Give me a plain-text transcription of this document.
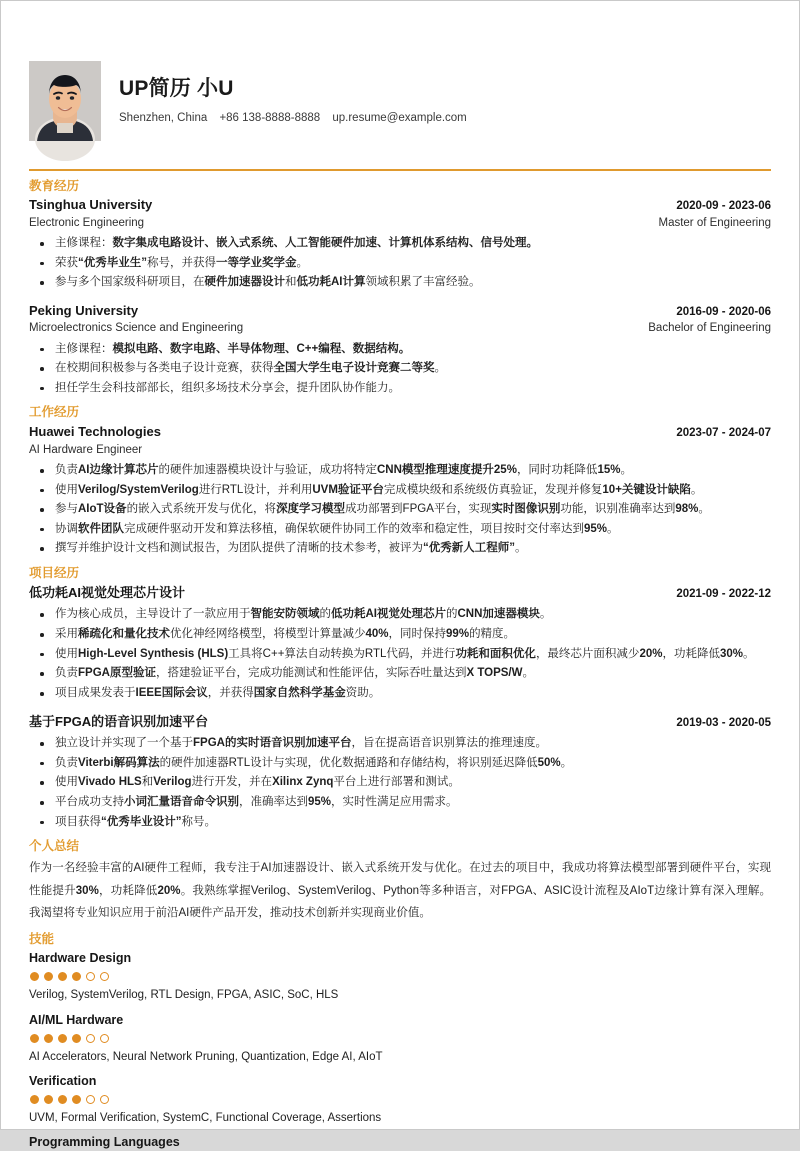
UP简历 小U
Shenzhen, China +86 138-8888-8888 up.resume@example.com
教育经历
Tsinghua University	2020-09 - 2023-06
Electronic Engineering	Master of Engineering
主修课程：数字集成电路设计、嵌入式系统、人工智能硬件加速、计算机体系结构、信号处理。
荣获“优秀毕业生”称号，并获得一等学业奖学金。
参与多个国家级科研项目，在硬件加速器设计和低功耗AI计算领域积累了丰富经验。
Peking University	2016-09 - 2020-06
Microelectronics Science and Engineering	Bachelor of Engineering
主修课程：模拟电路、数字电路、半导体物理、C++编程、数据结构。
在校期间积极参与各类电子设计竞赛，获得全国大学生电子设计竞赛二等奖。
担任学生会科技部部长，组织多场技术分享会，提升团队协作能力。
工作经历
Huawei Technologies	2023-07 - 2024-07
AI Hardware Engineer
负责AI边缘计算芯片的硬件加速器模块设计与验证，成功将特定CNN模型推理速度提升25%，同时功耗降低15%。
使用Verilog/SystemVerilog进行RTL设计，并利用UVM验证平台完成模块级和系统级仿真验证，发现并修复10+关键设计缺陷。
参与AIoT设备的嵌入式系统开发与优化，将深度学习模型成功部署到FPGA平台，实现实时图像识别功能，识别准确率达到98%。
协调软件团队完成硬件驱动开发和算法移植，确保软硬件协同工作的效率和稳定性，项目按时交付率达到95%。
撰写并维护设计文档和测试报告，为团队提供了清晰的技术参考，被评为“优秀新人工程师”。
项目经历
低功耗AI视觉处理芯片设计	2021-09 - 2022-12
作为核心成员，主导设计了一款应用于智能安防领域的低功耗AI视觉处理芯片的CNN加速器模块。
采用稀疏化和量化技术优化神经网络模型，将模型计算量减少40%，同时保持99%的精度。
使用High-Level Synthesis (HLS)工具将C++算法自动转换为RTL代码，并进行功耗和面积优化，最终芯片面积减少20%，功耗降低30%。
负责FPGA原型验证，搭建验证平台，完成功能测试和性能评估，实际吞吐量达到X TOPS/W。
项目成果发表于IEEE国际会议，并获得国家自然科学基金资助。
基于FPGA的语音识别加速平台	2019-03 - 2020-05
独立设计并实现了一个基于FPGA的实时语音识别加速平台，旨在提高语音识别算法的推理速度。
负责Viterbi解码算法的硬件加速器RTL设计与实现，优化数据通路和存储结构，将识别延迟降低50%。
使用Vivado HLS和Verilog进行开发，并在Xilinx Zynq平台上进行部署和测试。
平台成功支持小词汇量语音命令识别，准确率达到95%，实时性满足应用需求。
项目获得“优秀毕业设计”称号。
个人总结
作为一名经验丰富的AI硬件工程师，我专注于AI加速器设计、嵌入式系统开发与优化。在过去的项目中，我成功将算法模型部署到硬件平台，实现性能提升30%，功耗降低20%。我熟练掌握Verilog、SystemVerilog、Python等多种语言，对FPGA、ASIC设计流程及AIoT边缘计算有深入理解。我渴望将专业知识应用于前沿AI硬件产品开发，推动技术创新并实现商业价值。
技能
Hardware Design
Verilog, SystemVerilog, RTL Design, FPGA, ASIC, SoC, HLS
AI/ML Hardware
AI Accelerators, Neural Network Pruning, Quantization, Edge AI, AIoT
Verification
UVM, Formal Verification, SystemC, Functional Coverage, Assertions
Programming Languages
